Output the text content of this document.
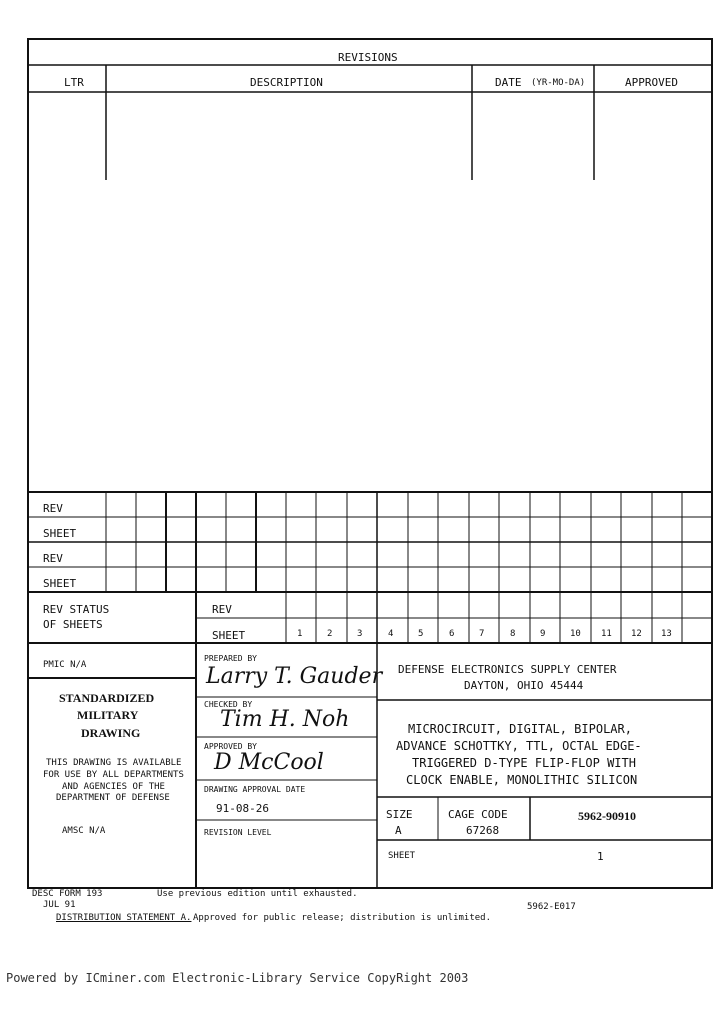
REVISIONS
LTR	DESCRIPTION	DATE (YR-MO-DA)	APPROVED
REV
SHEET
REV
SHEET
REV STATUS
OF SHEETS
REV
SHEET	1	2	3	4	5	6	7	8	9	10 11 12 13
PMIC N/A
STANDARDIZED
MILITARY
DRAWING
THIS DRAWING IS AVAILABLE
FOR USE BY ALL DEPARTMENTS
AND AGENCIES OF THE
DEPARTMENT OF DEFENSE
AMSC N/A
PREPARED BY
Larry T. Gauder
CHECKED BY
Tim H. Noh
APPROVED BY
D McCool
DRAWING APPROVAL DATE
91-08-26
REVISION LEVEL
DEFENSE ELECTRONICS SUPPLY CENTER
DAYTON, OHIO 45444
MICROCIRCUIT, DIGITAL, BIPOLAR,
ADVANCE SCHOTTKY, TTL, OCTAL EDGE-
TRIGGERED D-TYPE FLIP-FLOP WITH
CLOCK ENABLE, MONOLITHIC SILICON
SIZE
A
CAGE CODE
67268
5962-90910
SHEET	1
DESC FORM 193
JUL 91
Use previous edition until exhausted.
5962-E017
DISTRIBUTION STATEMENT A. Approved for public release; distribution is unlimited.
Powered by ICminer.com Electronic-Library Service CopyRight 2003
